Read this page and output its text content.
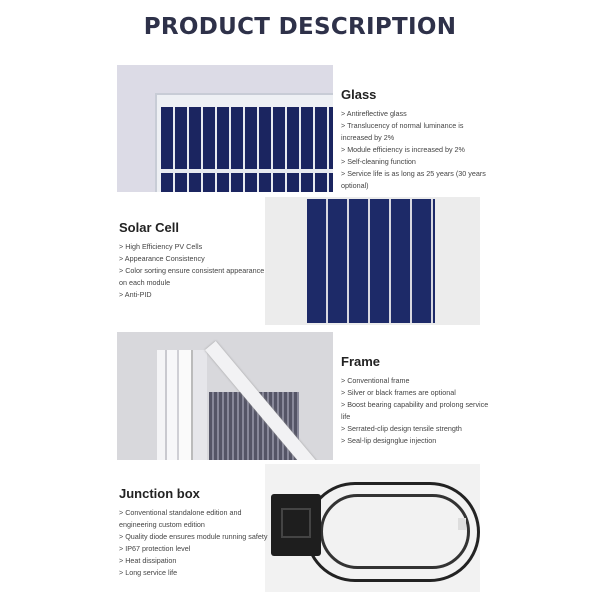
PRODUCT DESCRIPTION
Glass
> Antireflective glass
> Translucency of normal luminance is increased by 2%
> Module efficiency is increased by 2%
> Self-cleaning function
> Service life is as long as 25 years (30 years optional)
Solar Cell
> High Efficiency PV Cells
> Appearance Consistency
> Color sorting ensure consistent appearance on each module
> Anti-PID
Frame
> Conventional frame
> Silver or black frames are optional
> Boost bearing capability and prolong service life
> Serrated-clip design tensile strength
> Seal-lip designglue injection
Junction box
> Conventional standalone edition and engineering custom edition
> Quality diode ensures module running safety
> IP67 protection level
> Heat dissipation
> Long service life
